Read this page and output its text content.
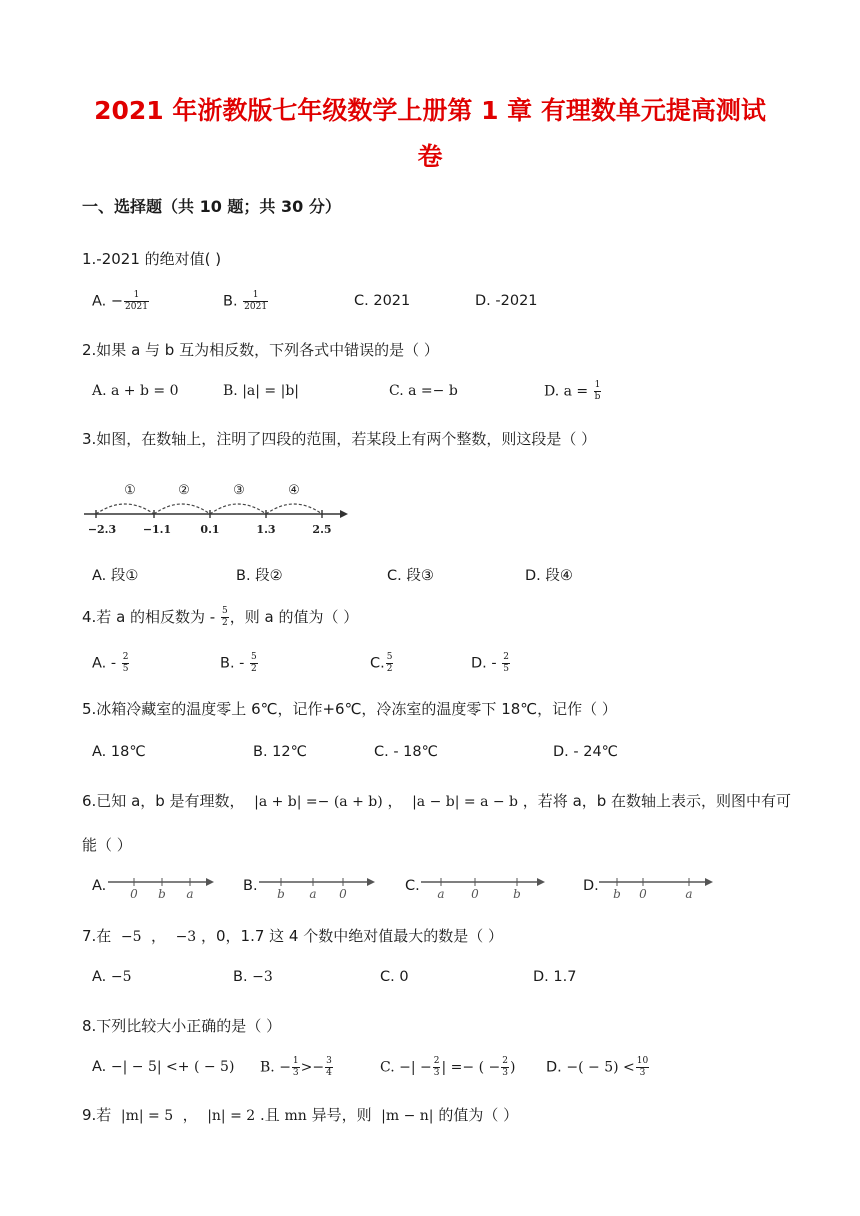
2021 年浙教版七年级数学上册第 1 章 有理数单元提高测试
卷
一、选择题（共 10 题；共 30 分）
1.-2021 的绝对值( )
A. − $\frac{1}{2021}$	B. $\frac{1}{2021}$	C. 2021	D. -2021
2.如果 a 与 b 互为相反数，下列各式中错误的是（ ）
A. a + b = 0	B. |a| = |b|	C. a =− b	D. $a = \frac{1}{b}$
3.如图，在数轴上，注明了四段的范围，若某段上有两个整数，则这段是（ ）
①	②	③	④
−2.3 −1.1	0.1	1.3	2.5
A. 段①	B. 段②	C. 段③	D. 段④
4.若 a 的相反数为 - $\frac{5}{2}$ ，则 a 的值为（ ）
A. - $\frac{2}{5}$	B. - $\frac{5}{2}$	C. $\frac{5}{2}$	D. - $\frac{2}{5}$
5.冰箱冷藏室的温度零上 6℃，记作+6℃，冷冻室的温度零下 18℃，记作（ ）
A. 18℃	B. 12℃	C. - 18℃	D. - 24℃
6.已知 a，b 是有理数， |a + b| =− (a + b) ， |a − b| = a − b ，若将 a，b 在数轴上表示，则图中有可
能（ ）
A. 0 b a	B. b a 0	C. a 0	b	D. b 0	a
7.在 −5  ，  −3 ，0，1.7 这 4 个数中绝对值最大的数是（ ）
A. −5	B. −3	C. 0	D. 1.7
8.下列比较大小正确的是（ ）
A. −| − 5| <+ ( − 5) B. − $\frac{1}{3} >- \frac{3}{4}$	C. −| − $\frac{2}{3}$ | =− ( − $\frac{2}{3}$ ) D. −( − $5) < \frac{10}{3}$
9.若 |m| = 5  ，  |n| = 2 .且 mn 异号，则 |m − n| 的值为（ ）
